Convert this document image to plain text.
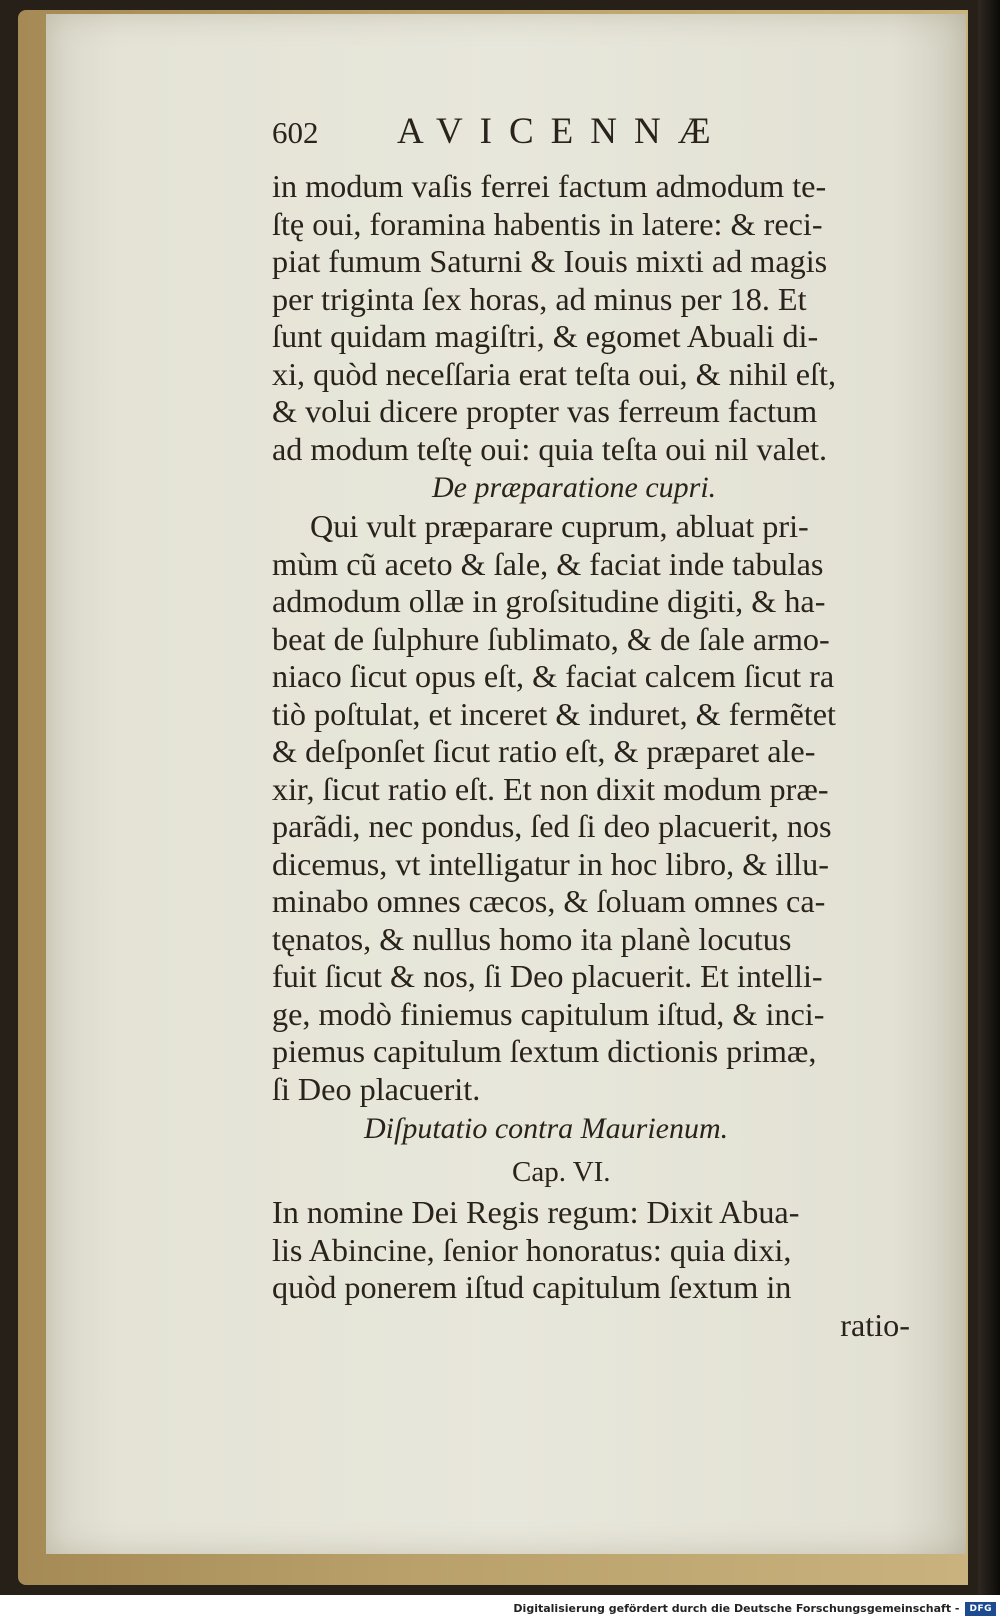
602	AVICENNÆ
in modum vaſis ferrei factum admodum te-
ſtę oui, foramina habentis in latere: & reci-
piat fumum Saturni & Iouis mixti ad magis
per triginta ſex horas, ad minus per 18. Et
ſunt quidam magiſtri, & egomet Abuali di-
xi, quòd neceſſaria erat teſta oui, & nihil eſt,
& volui dicere propter vas ferreum factum
ad modum teſtę oui: quia teſta oui nil valet.
De præparatione cupri.
Qui vult præparare cuprum, abluat pri-
mùm cũ aceto & ſale, & faciat inde tabulas
admodum ollæ in groſsitudine digiti, & ha-
beat de ſulphure ſublimato, & de ſale armo-
niaco ſicut opus eſt, & faciat calcem ſicut ra
tiò poſtulat, et inceret & induret, & fermẽtet
& deſponſet ſicut ratio eſt, & præparet ale-
xir, ſicut ratio eſt. Et non dixit modum præ-
parãdi, nec pondus, ſed ſi deo placuerit, nos
dicemus, vt intelligatur in hoc libro, & illu-
minabo omnes cæcos, & ſoluam omnes ca-
tęnatos, & nullus homo ita planè locutus
fuit ſicut & nos, ſi Deo placuerit. Et intelli-
ge, modò finiemus capitulum iſtud, & inci-
piemus capitulum ſextum dictionis primæ,
ſi Deo placuerit.
Diſputatio contra Maurienum.
Cap. VI.
In nomine Dei Regis regum: Dixit Abua-
lis Abincine, ſenior honoratus: quia dixi,
quòd ponerem iſtud capitulum ſextum in
ratio-
Digitalisierung gefördert durch die Deutsche Forschungsgemeinschaft -	DFG
